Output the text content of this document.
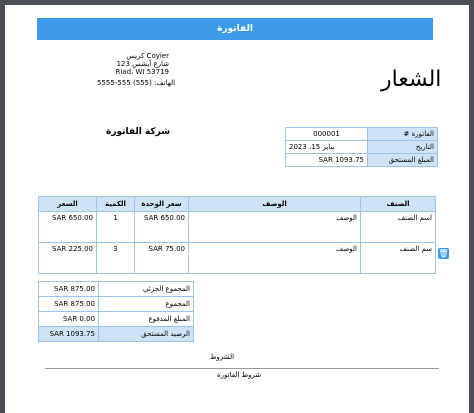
الفاتورة
كريس Coyier
123 شارع أيشس
Riad، WI 53719
الهاتف: (555) 555-5555	الشعار
شركة الفاتورة	000001	الفاتورة #
يناير 15، 2023	التاريخ
SAR 1093.75	المبلغ المستحق
السعر	الكمية	سعر الوحدة	الوصف	الصنف
SAR 650.00	1	SAR 650.00	الوصف	اسم الصنف
SAR 225.00	3	SAR 75.00	الوصف	سم الصنف 🗑
SAR 875.00	المجموع الجزئي
SAR 875.00	المجموع
SAR 0.00	المبلغ المدفوع
SAR 1093.75	الرصيد المستحق
الشروط
شروط الفاتورة
